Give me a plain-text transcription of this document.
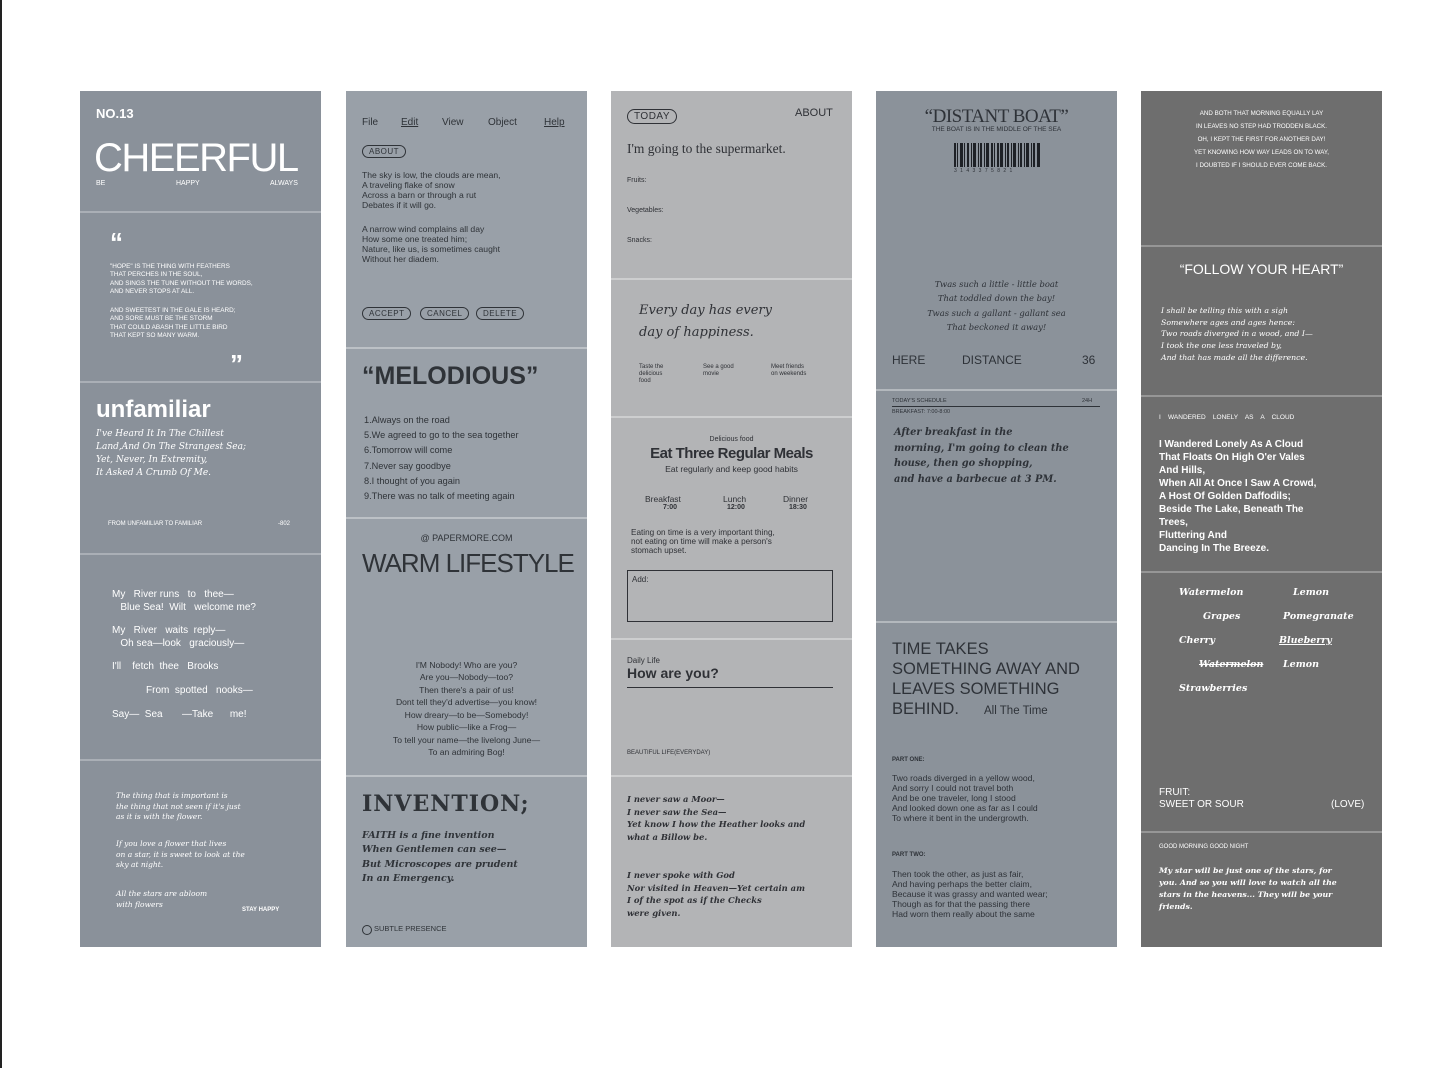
NO.13
CHEERFUL
BE	HAPPY	ALWAYS
“
"HOPE" IS THE THING WITH FEATHERS
THAT PERCHES IN THE SOUL,
AND SINGS THE TUNE WITHOUT THE WORDS,
AND NEVER STOPS AT ALL.
AND SWEETEST IN THE GALE IS HEARD;
AND SORE MUST BE THE STORM
THAT COULD ABASH THE LITTLE BIRD
THAT KEPT SO MANY WARM.
”
unfamiliar
I've Heard It In The Chillest
Land,And On The Strangest Sea;
Yet, Never, In Extremity,
It Asked A Crumb Of Me.
FROM UNFAMILIAR TO FAMILIAR	-802
My   River runs   to   thee—
Blue Sea!  Wilt   welcome me?
My   River   waits  reply—
Oh sea—look   graciously—
I'll    fetch  thee   Brooks
From  spotted   nooks—
Say—  Sea       —Take      me!
The thing that is important is
the thing that not seen if it's just
as it is with the flower.
If you love a flower that lives
on a star, it is sweet to look at the
sky at night.
All the stars are abloom
with flowers
STAY HAPPY
File Edit View Object	Help
ABOUT
The sky is low, the clouds are mean,
A traveling flake of snow
Across a barn or through a rut
Debates if it will go.
A narrow wind complains all day
How some one treated him;
Nature, like us, is sometimes caught
Without her diadem.
ACCEPT	CANCEL	DELETE
“MELODIOUS”
1.Always on the road
5.We agreed to go to the sea together
6.Tomorrow will come
7.Never say goodbye
8.I thought of you again
9.There was no talk of meeting again
@ PAPERMORE.COM
WARM LIFESTYLE
I'M Nobody! Who are you?
Are you—Nobody—too?
Then there's a pair of us!
Dont tell they'd advertise—you know!
How dreary—to be—Somebody!
How public—like a Frog—
To tell your name—the livelong June—
To an admiring Bog!
INVENTION;
FAITH is a fine invention
When Gentlemen can see—
But Microscopes are prudent
In an Emergency.
SUBTLE PRESENCE
TODAY	ABOUT
I'm going to the supermarket.
Fruits:
Vegetables:
Snacks:
Every day has every
day of happiness.
Taste the
delicious
food
See a good
movie
Meet friends
on weekends
Delicious food
Eat Three Regular Meals
Eat regularly and keep good habits
Breakfast
7:00
Lunch
12:00
Dinner
18:30
Eating on time is a very important thing,
not eating on time will make a person's
stomach upset.
Add:
Daily Life
How are you?
BEAUTIFUL LIFE(EVERYDAY)
I never saw a Moor—
I never saw the Sea—
Yet know I how the Heather looks and
what a Billow be.
I never spoke with God
Nor visited in Heaven—Yet certain am
I of the spot as if the Checks
were given.
“DISTANT BOAT”
THE BOAT IS IN THE MIDDLE OF THE SEA
3 1 4 3 3 7 5 8 2 1
Twas such a little - little boat
That toddled down the bay!
Twas such a gallant - gallant sea
That beckoned it away!
HERE	DISTANCE	36
TODAY'S SCHEDULE	24H
BREAKFAST: 7:00-8:00
After breakfast in the
morning, I'm going to clean the
house, then go shopping,
and have a barbecue at 3 PM.
TIME TAKES
SOMETHING AWAY AND
LEAVES SOMETHING
BEHIND.	All The Time
PART ONE:
Two roads diverged in a yellow wood,
And sorry I could not travel both
And be one traveler, long I stood
And looked down one as far as I could
To where it bent in the undergrowth.
PART TWO:
Then took the other, as just as fair,
And having perhaps the better claim,
Because it was grassy and wanted wear;
Though as for that the passing there
Had worn them really about the same
AND BOTH THAT MORNING EQUALLY LAY

IN LEAVES NO STEP HAD TRODDEN BLACK.

OH, I KEPT THE FIRST FOR ANOTHER DAY!

YET KNOWING HOW WAY LEADS ON TO WAY,

I DOUBTED IF I SHOULD EVER COME BACK.
“FOLLOW YOUR HEART”
I shall be telling this with a sigh
Somewhere ages and ages hence:
Two roads diverged in a wood, and I—
I took the one less traveled by,
And that has made all the difference.
I    WANDERED    LONELY    AS    A    CLOUD
I Wandered Lonely As A Cloud
That Floats On High O'er Vales
And Hills,
When All At Once I Saw A Crowd,
A Host Of Golden Daffodils;
Beside The Lake, Beneath The
Trees,
Fluttering And
Dancing In The Breeze.
Watermelon	Lemon
Grapes	Pomegranate
Cherry	Blueberry
Watermelon Lemon
Strawberries
FRUIT:
SWEET OR SOUR	(LOVE)
GOOD MORNING GOOD NIGHT
My star will be just one of the stars, for
you. And so you will love to watch all the
stars in the heavens... They will be your
friends.
